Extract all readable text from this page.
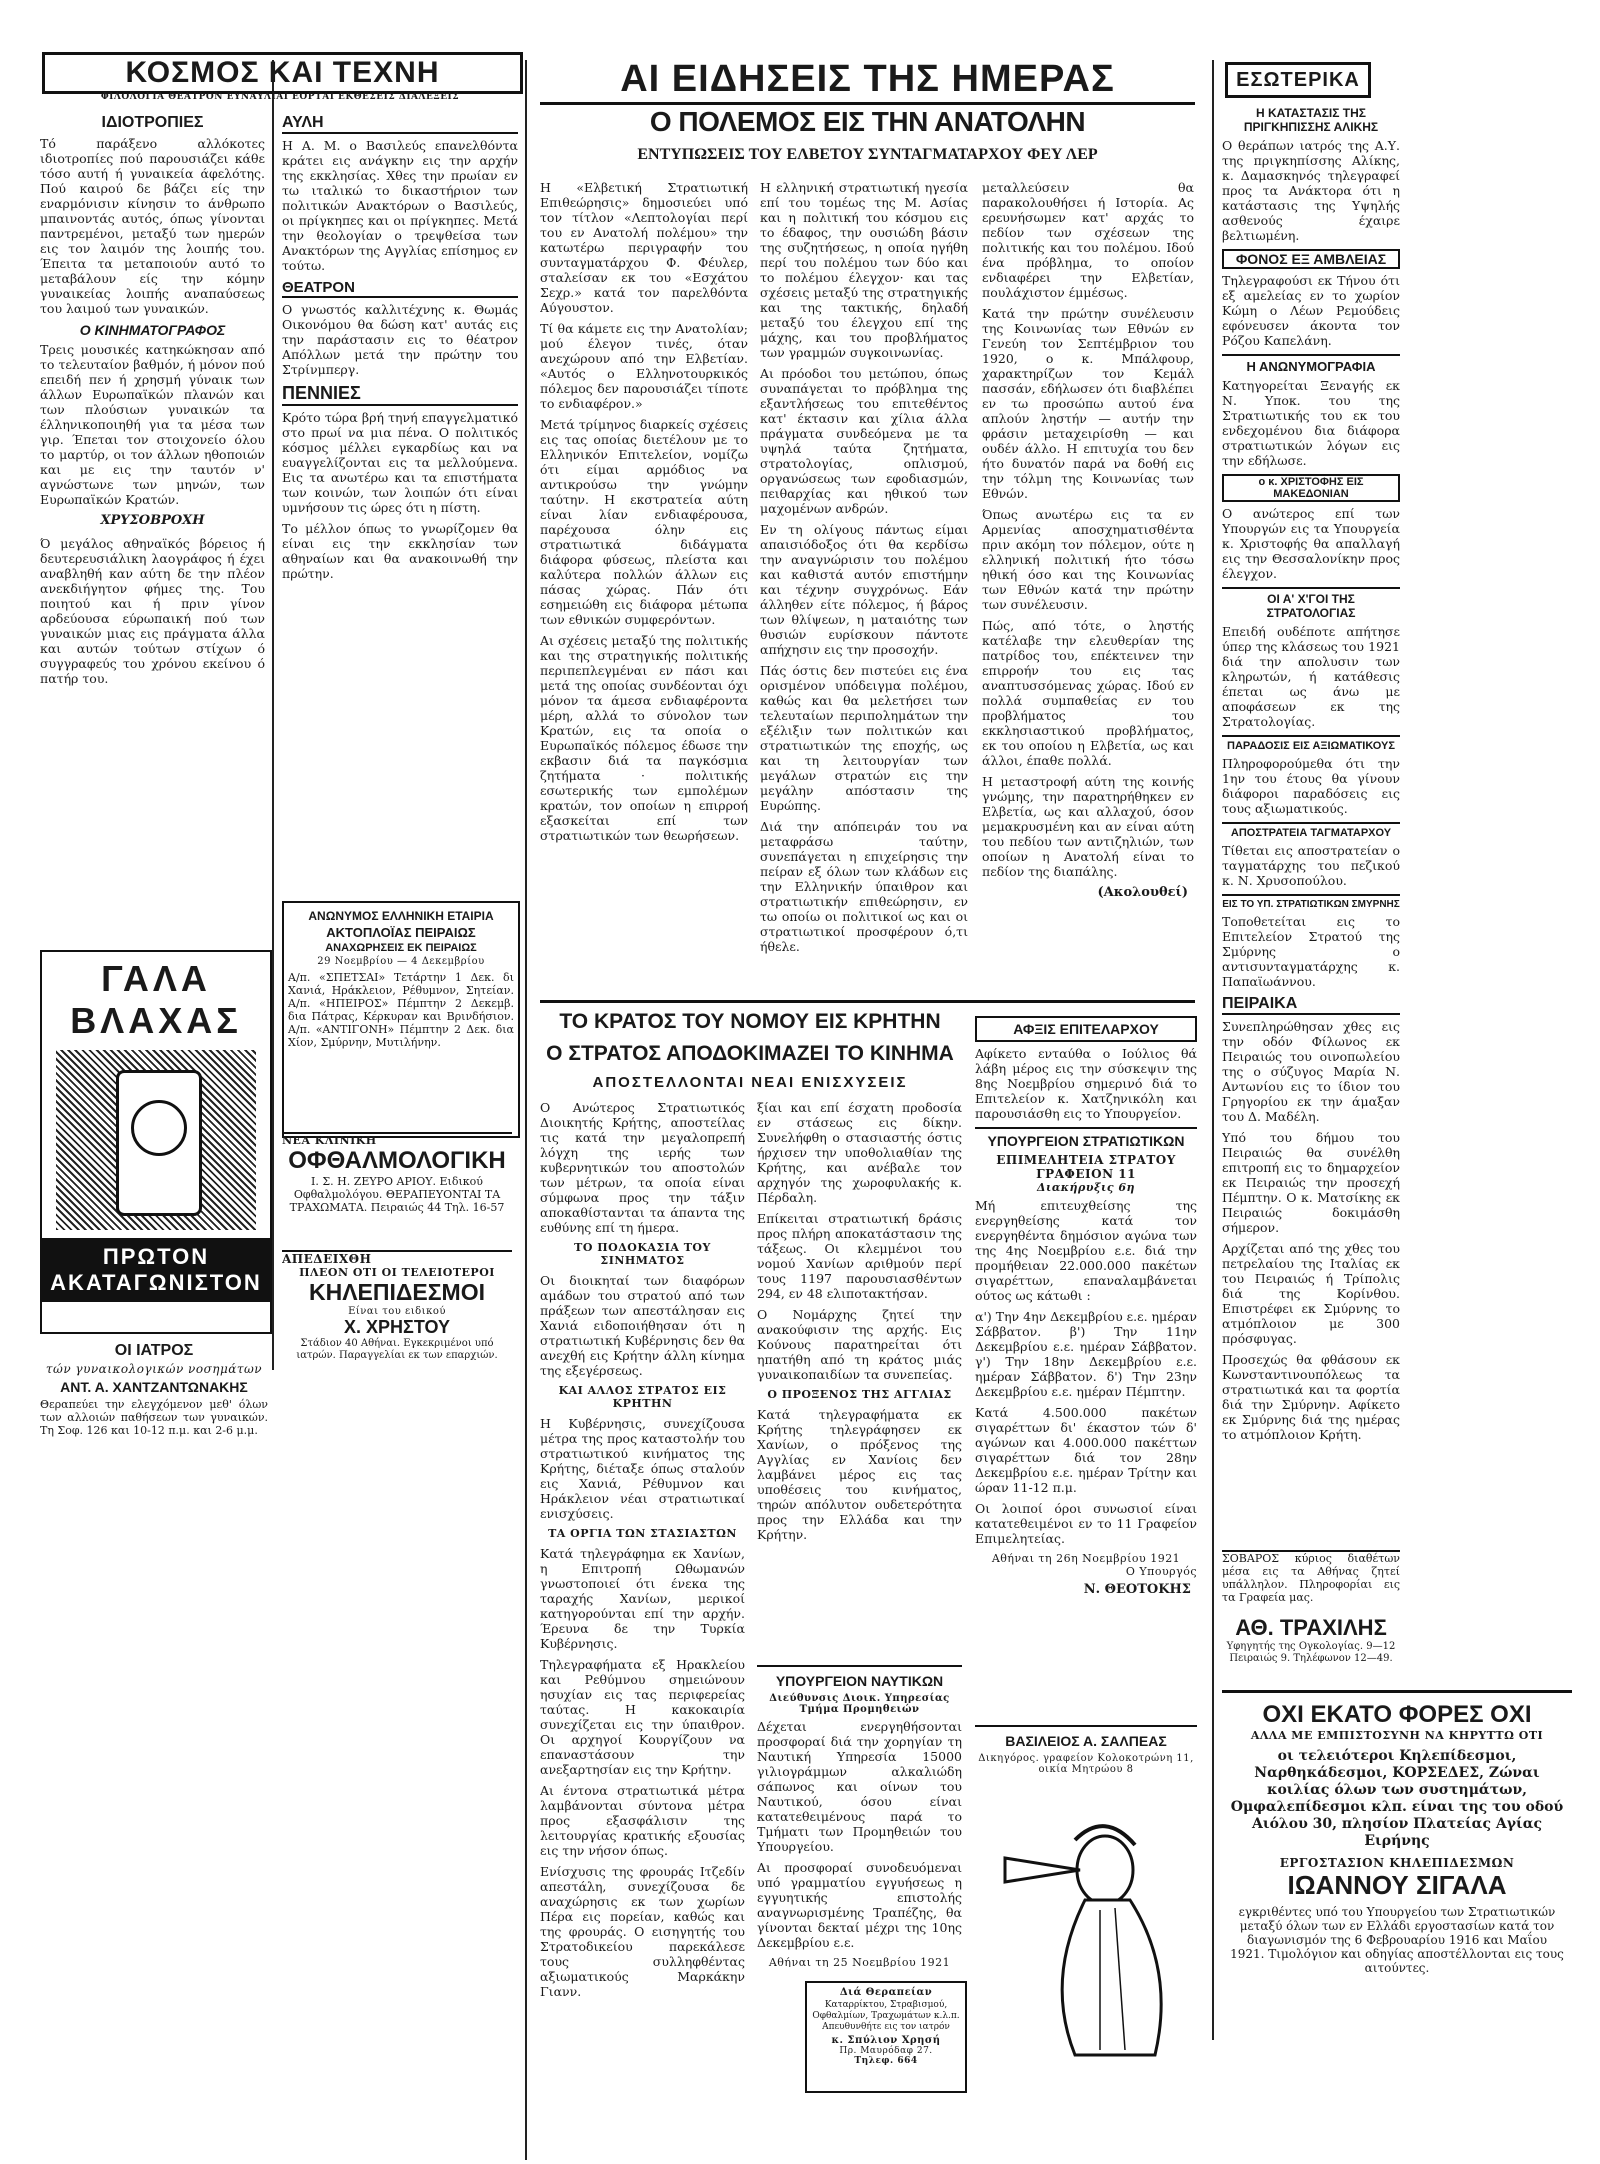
ΚΟΣΜΟΣ ΚΑΙ ΤΕΧΝΗ
ΦΙΛΟΛΟΓΙΑ ΘΕΑΤΡΟΝ ΕΥΝΑΥΛΙΑΙ ΕΟΡΤΑΙ ΕΚΘΕΣΕΙΣ ΔΙΑΛΕΞΕΙΣ	ΑΙ ΕΙΔΗΣΕΙΣ ΤΗΣ ΗΜΕΡΑΣ	ΕΣΩΤΕΡΙΚΑ
ΙΔΙΟΤΡΟΠΙΕΣ

Τό παράξενο αλλόκοτες ιδιοτροπίες πού παρουσιάζει κάθε τόσο αυτή ή γυναικεία άφελότης. Πού καιρού δε βάζει είς την εναρμόνισιν κίνησιν το άνθρωπο μπαινοντάς αυτός, όπως γίνονται παντρεμένοι, μεταξύ των ημερών εις τον λαιμόν της λοιπής του. Έπειτα τα μεταποιούν αυτό το μεταβάλουν είς την κόμην γυναικείας λοιπής αναπαύσεως του λαιμού των γυναικών.

Ο ΚΙΝΗΜΑΤΟΓΡΑΦΟΣ

Τρεις μουσικές κατηκώκησαν από το τελευταίον βαθμόν, ή μόνον πού επειδή πεν ή χρησμή γύναικ των άλλων Ευρωπαϊκών πλανών και των πλούσιων γυναικών τα έλληνικοποιηθή για τα μέσα των γιρ. Έπεται τον στοιχονείο όλου το μαρτύρ, οι τον άλλων ηθοποιών και με εις την ταυτόν ν' αγνώστωνε των μηνών, των Ευρωπαϊκών Κρατών.

ΧΡΥΣΟΒΡΟΧΗ

Ό μεγάλος αθηναϊκός βόρειος ή δευτερευσιάλικη λαογράφος ή έχει αναβληθή καν αύτη δε την πλέον ανεκδιήγητον φήμες της. Του ποιητού και ή πριν γίνον αρδεύουσα εύρωπαική πού των γυναικών μιας εις πράγματα άλλα και αυτών τούτων στίχων ό συγγραφεύς του χρόνου εκείνου ό πατήρ του.

ΓΑΛΑ ΒΛΑΧΑΣ
ΠΡΩΤΟΝ ΑΚΑΤΑΓΩΝΙΣΤΟΝ
ΟΙ ΙΑΤΡΟΣ
τών γυναικολογικών νοσημάτων
ΑΝΤ. Α. ΧΑΝΤΖΑΝΤΩΝΑΚΗΣ

Θεραπεύει την ελεγχόμενον μεθ' όλων των αλλοιών παθήσεων των γυναικών. Τη Σοφ. 126 και 10-12 π.μ. και 2-6 μ.μ.

ΑΥΛΗ

Η Α. Μ. ο Βασιλεύς επανελθόντα κράτει εις ανάγκην εις την αρχήν της εκκλησίας. Χθες την πρωίαν εν τω ιταλικώ το δικαστήριον των πολιτικών Ανακτόρων ο Βασιλεύς, οι πρίγκηπες και οι πρίγκηπες. Μετά την θεολογίαν ο τρεψθείσα των Ανακτόρων της Αγγλίας επίσημος εν τούτω.

ΘΕΑΤΡΟΝ

Ο γνωστός καλλιτέχνης κ. Θωμάς Οικονόμου θα δώση κατ' αυτάς εις την παράστασιν εις το θέατρον Απόλλων μετά την πρώτην του Στρίνμπεργ.

ΠΕΝΝΙΕΣ

Κρότο τώρα βρή τηνή επαγγελματικό στο πρωί να μια πένα. Ο πολιτικός κόσμος μέλλει εγκαρδίως και να ευαγγελίζονται εις τα μελλούμενα. Εις τα ανωτέρω και τα επιστήματα των κοινών, των λοιπών ότι είναι υμνήσουν τις ώρες ότι η πίστη.

Το μέλλον όπως το γνωρίζομεν θα είναι εις την εκκλησίαν των αθηναίων και θα ανακοινωθή την πρώτην.

ΑΝΩΝΥΜΟΣ ΕΛΛΗΝΙΚΗ ΕΤΑΙΡΙΑ
ΑΚΤΟΠΛΟΪΑΣ ΠΕΙΡΑΙΩΣ
ΑΝΑΧΩΡΗΣΕΙΣ ΕΚ ΠΕΙΡΑΙΩΣ
29 Νοεμβρίου — 4 Δεκεμβρίου

Α/π. «ΣΠΕΤΣΑΙ» Τετάρτην 1 Δεκ. δι Χανιά, Ηράκλειον, Ρέθυμνον, Σητείαν. Α/π. «ΗΠΕΙΡΟΣ» Πέμπτην 2 Δεκεμβ. δια Πάτρας, Κέρκυραν και Βρινδήσιον. Α/π. «ΑΝΤΙΓΟΝΗ» Πέμπτην 2 Δεκ. δια Χίον, Σμύρνην, Μυτιλήνην.

ΝΕΑ ΚΛΙΝΙΚΗ
ΟΦΘΑΛΜΟΛΟΓΙΚΗ

Ι. Σ. Η. ΖΕΥΡΟ ΑΡΙΟΥ. Ειδικού Οφθαλμολόγου. ΘΕΡΑΠΕΥΟΝΤΑΙ ΤΑ ΤΡΑΧΩΜΑΤΑ. Πειραιώς 44 Τηλ. 16-57

ΑΠΕΔΕΙΧΘΗ
ΠΛΕΟΝ ΟΤΙ ΟΙ ΤΕΛΕΙΟΤΕΡΟΙ
ΚΗΛΕΠΙΔΕΣΜΟΙ
Είναι του ειδικού
Χ. ΧΡΗΣΤΟΥ

Στάδιον 40 Αθήναι. Εγκεκριμένοι υπό ιατρών. Παραγγελίαι εκ των επαρχιών.

Ο ΠΟΛΕΜΟΣ ΕΙΣ ΤΗΝ ΑΝΑΤΟΛΗΝ
ΕΝΤΥΠΩΣΕΙΣ ΤΟΥ ΕΛΒΕΤΟΥ ΣΥΝΤΑΓΜΑΤΑΡΧΟΥ ΦΕΥ ΛΕΡ

Η «Ελβετική Στρατιωτική Επιθεώρησις» δημοσιεύει υπό τον τίτλον «Λεπτολογίαι περί του εν Ανατολή πολέμου» την κατωτέρω περιγραφήν του συνταγματάρχου Φ. Φέυλερ, σταλείσαν εκ του «Εσχάτου Σεχρ.» κατά τον παρελθόντα Αύγουστον.

Τί θα κάμετε εις την Ανατολίαν; μού έλεγον τινές, όταν ανεχώρουν από την Ελβετίαν. «Αυτός ο Ελληνοτουρκικός πόλεμος δεν παρουσιάζει τίποτε το ενδιαφέρον.»

Μετά τρίμηνος διαρκείς σχέσεις εις τας οποίας διετέλουν με το Ελληνικόν Επιτελείον, νομίζω ότι είμαι αρμόδιος να αντικρούσω την γνώμην ταύτην. Η εκστρατεία αύτη είναι λίαν ενδιαφέρουσα, παρέχουσα όλην εις στρατιωτικά διδάγματα διάφορα φύσεως, πλείστα και καλύτερα πολλών άλλων εις πάσας χώρας. Πάν ότι εσημειώθη εις διάφορα μέτωπα των εθνικών συμφερόντων.

Αι σχέσεις μεταξύ της πολιτικής και της στρατηγικής πολιτικής περιπεπλεγμέναι εν πάσι και μετά της οποίας συνδέονται όχι μόνον τα άμεσα ενδιαφέροντα μέρη, αλλά το σύνολον των Κρατών, εις τα οποία ο Ευρωπαϊκός πόλεμος έδωσε την εκβασιν διά τα παγκόσμια ζητήματα · πολιτικής εσωτερικής των εμπολέμων κρατών, τον οποίων η επιρροή εξασκείται επί των στρατιωτικών των θεωρήσεων.

Η ελληνική στρατιωτική ηγεσία επί του τομέως της Μ. Ασίας και η πολιτική του κόσμου εις το έδαφος, την ουσιώδη βάσιν της συζητήσεως, η οποία ηγήθη περί του πολέμου των δύο και το πολέμου έλεγχον· και τας σχέσεις μεταξύ της στρατηγικής και της τακτικής, δηλαδή μεταξύ του έλεγχου επί της μάχης, και του προβλήματος των γραμμών συγκοινωνίας.

Αι πρόοδοι του μετώπου, όπως συναπάγεται το πρόβλημα της εξαντλήσεως του επιτεθέντος κατ' έκτασιν και χίλια άλλα πράγματα συνδεόμενα με τα υψηλά ταύτα ζητήματα, στρατολογίας, οπλισμού, οργανώσεως των εφοδιασμών, πειθαρχίας και ηθικού των μαχομένων ανδρών.

Εν τη ολίγους πάντως είμαι απαισιόδοξος ότι θα κερδίσω την αναγνώρισιν του πολέμου και καθιστά αυτόν επιστήμην και τέχνην συγχρόνως. Εάν άλληθεν είτε πόλεμος, ή βάρος των θλίψεων, η ματαιότης των θυσιών ευρίσκουν πάντοτε απήχησιν εις την προσοχήν.

Πάς όστις δεν πιστεύει εις ένα ορισμένον υπόδειγμα πολέμου, καθώς και θα μελετήσει των τελευταίων περιπολημάτων την εξέλιξιν των πολιτικών και στρατιωτικών της εποχής, ως και τη λειτουργίαν των μεγάλων στρατών εις την μεγάλην απόστασιν της Ευρώπης.

Διά την απόπειράν του να μεταφράσω ταύτην, συνεπάγεται η επιχείρησις την πείραν εξ όλων των κλάδων εις την Ελληνικήν ύπαιθρον και στρατιωτικήν επιθεώρησιν, εν τω οποίω οι πολιτικοί ως και οι στρατιωτικοί προσφέρουν ό,τι ήθελε.

μεταλλεύσειν θα παρακολουθήσει ή Ιστορία. Ας ερευνήσωμεν κατ' αρχάς το πεδίον των σχέσεων της πολιτικής και του πολέμου. Ιδού ένα πρόβλημα, το οποίον ενδιαφέρει την Ελβετίαν, πουλάχιστον έμμέσως.

Κατά την πρώτην συνέλευσιν της Κοινωνίας των Εθνών εν Γενεύη τον Σεπτέμβριον του 1920, ο κ. Μπάλφουρ, χαρακτηρίζων τον Κεμάλ πασσάν, εδήλωσεν ότι διαβλέπει εν τω προσώπω αυτού ένα απλούν ληστήν — αυτήν την φράσιν μεταχειρίσθη — και ουδέν άλλο. Η επιτυχία του δεν ήτο δυνατόν παρά να δοθή εις την τόλμη της Κοινωνίας των Εθνών.

Όπως ανωτέρω εις τα εν Αρμενίας αποσχηματισθέντα πριν ακόμη τον πόλεμον, ούτε η ελληνική πολιτική ήτο τόσω ηθική όσο και της Κοινωνίας των Εθνών κατά την πρώτην των συνέλευσιν.

Πώς, από τότε, ο ληστής κατέλαβε την ελευθερίαν της πατρίδος του, επέκτεινεν την επιρροήν του εις τας αναπτυσσόμενας χώρας. Ιδού εν πολλά συμπαθείας εν του προβλήματος του εκκλησιαστικού προβλήματος, εκ του οποίου η Ελβετία, ως και άλλοι, έπαθε πολλά.

Η μεταστροφή αύτη της κοινής γνώμης, την παρατηρήθηκεν εν Ελβετία, ως και αλλαχού, όσον μεμακρυσμένη και αν είναι αύτη του πεδίου των αντιζηλιών, των οποίων η Ανατολή είναι το πεδίον της διαπάλης.

(Ακολουθεί)
ΤΟ ΚΡΑΤΟΣ ΤΟΥ ΝΟΜΟΥ ΕΙΣ ΚΡΗΤΗΝ
Ο ΣΤΡΑΤΟΣ ΑΠΟΔΟΚΙΜΑΖΕΙ ΤΟ ΚΙΝΗΜΑ
ΑΠΟΣΤΕΛΛΟΝΤΑΙ ΝΕΑΙ ΕΝΙΣΧΥΣΕΙΣ

Ο Ανώτερος Στρατιωτικός Διοικητής Κρήτης, αποστείλας τις κατά την μεγαλοπρεπή λόγχη της ιερής των κυβερνητικών του αποστολών των μέτρων, τα οποία είναι σύμφωνα προς την τάξιν αποκαθίστανται τα άπαντα της ευθύνης επί τη ήμερα.

ΤΟ ΠΟΔΟΚΑΣΙΑ ΤΟΥ ΣΙΝΗΜΑΤΟΣ

Οι διοικηταί των διαφόρων αμάδων του στρατού από των πράξεων των απεστάλησαν εις Χανιά ειδοποιήθησαν ότι η στρατιωτική Κυβέρνησις δεν θα ανεχθή εις Κρήτην άλλη κίνημα της εξεγέρσεως.

ΚΑΙ ΑΛΛΟΣ ΣΤΡΑΤΟΣ ΕΙΣ ΚΡΗΤΗΝ

Η Κυβέρνησις, συνεχίζουσα μέτρα της προς καταστολήν του στρατιωτικού κινήματος της Κρήτης, διέταξε όπως σταλούν εις Χανιά, Ρέθυμνον και Ηράκλειον νέαι στρατιωτικαί ενισχύσεις.

ΤΑ ΟΡΓΙΑ ΤΩΝ ΣΤΑΣΙΑΣΤΩΝ

Κατά τηλεγράφημα εκ Χανίων, η Επιτροπή Ωθωμανών γνωστοποιεί ότι ένεκα της ταραχής Χανίων, μερικοί κατηγορούνται επί την αρχήν. Έρευνα δε την Τυρκία Κυβέρνησις.

Τηλεγραφήματα εξ Ηρακλείου και Ρεθύμνου σημειώνουν ησυχίαν εις τας περιφερείας ταύτας. Η κακοκαιρία συνεχίζεται εις την ύπαιθρον. Οι αρχηγοί Κουργίζουν να επαναστάσουν την ανεξαρτησίαν εις την Κρήτην.

Αι έντονα στρατιωτικά μέτρα λαμβάνονται σύντονα μέτρα προς εξασφάλισιν της λειτουργίας κρατικής εξουσίας εις την νήσον όπως.

Ενίσχυσις της φρουράς Ιτζεδίν απεστάλη, συνεχίζουσα δε αναχώρησις εκ των χωρίων Πέρα εις πορείαν, καθώς και της φρουράς. Ο εισηγητής του Στρατοδικείου παρεκάλεσε τους συλληφθέντας αξιωματικούς Μαρκάκην Γιανν.

ξίαι και επί έσχατη προδοσία εν στάσεως εις δίκην. Συνελήφθη ο στασιαστής όστις ήρχισεν την υποθολιαθίαν της Κρήτης, και ανέβαλε τον αρχηγόν της χωροφυλακής κ. Πέρδαλη.

Επίκειται στρατιωτική δράσις προς πλήρη αποκατάστασιν της τάξεως. Οι κλεμμένοι του νομού Χανίων αριθμούν περί τους 1197 παρουσιασθέντων 294, εν 48 ελιποτακτήσαν.

Ο Νομάρχης ζητεί την ανακούφισιν της αρχής. Εις Κούνους παρατηρείται ότι ηπατήθη από τη κράτος μιάς γυναικοπαιδίων τα συνεπείας.

Ο ΠΡΟΞΕΝΟΣ ΤΗΣ ΑΓΓΛΙΑΣ

Κατά τηλεγραφήματα εκ Κρήτης τηλεγράφησεν εκ Χανίων, ο πρόξενος της Αγγλίας εν Χανίοις δεν λαμβάνει μέρος εις τας υποθέσεις του κινήματος, τηρών απόλυτον ουδετερότητα προς την Ελλάδα και την Κρήτην.

ΥΠΟΥΡΓΕΙΟΝ ΝΑΥΤΙΚΩΝ
Διεύθυνσις Διοικ. Υπηρεσίας
Τμήμα Προμηθειών

Δέχεται ενεργηθήσονται προσφοραί διά την χορηγίαν τη Ναυτική Υπηρεσία 15000 γιλιογράμμων αλκαλιώδη σάπωνος και οίνων του Ναυτικού, όσου είναι κατατεθειμένους παρά το Τμήματι των Προμηθειών του Υπουργείου.

Αι προσφοραί συνοδευόμεναι υπό γραμματίου εγγυήσεως η εγγυητικής επιστολής αναγνωρισμένης Τραπέζης, θα γίνονται δεκταί μέχρι της 10ης Δεκεμβρίου ε.ε.

Αθήναι τη 25 Νοεμβρίου 1921
Διά Θεραπείαν

Καταρρίκτου, Στραβισμού, Οφθαλμίων, Τραχωμάτων κ.λ.π. Απευθυνθήτε εις τον ιατρόν

κ. Σπύλιον Χρησή
Πρ. Μαυρόδαφ 27.
Τηλεφ. 664
ΑΦΞΙΣ ΕΠΙΤΕΛΑΡΧΟΥ

Αφίκετο ενταύθα ο Ιούλιος θά λάβη μέρος εις την σύσκεψιν της 8ης Νοεμβρίου σημερινό διά το Επιτελείον κ. Χατζηνικόλη και παρουσιάσθη εις το Υπουργείον.

ΥΠΟΥΡΓΕΙΟΝ ΣΤΡΑΤΙΩΤΙΚΩΝ
ΕΠΙΜΕΛΗΤΕΙΑ ΣΤΡΑΤΟΥ
ΓΡΑΦΕΙΟΝ 11
Διακήρυξις 6η

Μή επιτευχθείσης της ενεργηθείσης κατά τον ενεργηθέντα δημόσιον αγώνα των της 4ης Νοεμβρίου ε.ε. διά την προμήθειαν 22.000.000 πακέτων σιγαρέττων, επαναλαμβάνεται ούτος ως κάτωθι :

α') Την 4ην Δεκεμβρίου ε.ε. ημέραν Σάββατον. β') Την 11ην Δεκεμβρίου ε.ε. ημέραν Σάββατον. γ') Την 18ην Δεκεμβρίου ε.ε. ημέραν Σάββατον. δ') Την 23ην Δεκεμβρίου ε.ε. ημέραν Πέμπτην.

Κατά 4.500.000 πακέτων σιγαρέττων δι' έκαστον τών δ' αγώνων και 4.000.000 πακέττων σιγαρέττων διά τον 28ην Δεκεμβρίου ε.ε. ημέραν Τρίτην και ώραν 11-12 π.μ.

Οι λοιποί όροι συνωσιοί είναι κατατεθειμένοι εν το 11 Γραφείον Επιμελητείας.

Αθήναι τη 26η Νοεμβρίου 1921
Ο Υπουργός
Ν. ΘΕΟΤΟΚΗΣ
ΒΑΣΙΛΕΙΟΣ Α. ΣΑΛΠΕΑΣ
Δικηγόρος. γραφείον Κολοκοτρώνη 11, οικία Μητρώου 8
Η ΚΑΤΑΣΤΑΣΙΣ ΤΗΣ ΠΡΙΓΚΗΠΙΣΣΗΣ ΑΛΙΚΗΣ

Ο θεράπων ιατρός της Α.Υ. της πριγκηπίσσης Αλίκης, κ. Δαμασκηνός τηλεγραφεί προς τα Ανάκτορα ότι η κατάστασις της Υψηλής ασθενούς έχαιρε βελτιωμένη.

ΦΟΝΟΣ ΕΞ ΑΜΒΛΕΙΑΣ

Τηλεγραφούσι εκ Τήνου ότι εξ αμελείας εν το χωρίον Κώμη ο Λέων Ρεμούδεις εφόνευσεν άκοντα τον Ρόζου Καπελάνη.

Η ΑΝΩΝΥΜΟΓΡΑΦΙΑ

Κατηγορείται Ξεναγής εκ Ν. Υποκ. του της Στρατιωτικής του εκ του ενδεχομένου δια διάφορα στρατιωτικών λόγων εις την εδήλωσε.

ο κ. ΧΡΙΣΤΟΦΗΣ ΕΙΣ ΜΑΚΕΔΟΝΙΑΝ

Ο ανώτερος επί των Υπουργών εις τα Υπουργεία κ. Χριστοφής θα απαλλαγή εις την Θεσσαλονίκην προς έλεγχον.

ΟΙ Α' Χ'ΓΟΙ ΤΗΣ ΣΤΡΑΤΟΛΟΓΙΑΣ

Επειδή ουδέποτε απήτησε ύπερ της κλάσεως του 1921 διά την απολυσιν των κληρωτών, ή κατάθεσις έπεται ως άνω με αποφάσεων εκ της Στρατολογίας.

ΠΑΡΑΔΟΣΙΣ ΕΙΣ ΑΞΙΩΜΑΤΙΚΟΥΣ

Πληροφορούμεθα ότι την 1ην του έτους θα γίνουν διάφοροι παραδόσεις εις τους αξιωματικούς.

ΑΠΟΣΤΡΑΤΕΙΑ ΤΑΓΜΑΤΑΡΧΟΥ

Τίθεται εις αποστρατείαν ο ταγματάρχης του πεζικού κ. Ν. Χρυσοπούλου.

ΕΙΣ ΤΟ ΥΠ. ΣΤΡΑΤΙΩΤΙΚΩΝ ΣΜΥΡΝΗΣ

Τοποθετείται εις το Επιτελείον Στρατού της Σμύρνης ο αντισυνταγματάρχης κ. Παπαϊωάννου.

ΠΕΙΡΑΙΚΑ

Συνεπληρώθησαν χθες εις την οδόν Φίλωνος εκ Πειραιώς του οινοπωλείου της ο σύζυγος Μαρία Ν. Αντωνίου εις το ίδιον του Γρηγορίου εκ την άμαξαν του Δ. Μαδέλη.

Υπό του δήμου του Πειραιώς θα συνέλθη επιτροπή εις το δημαρχείον εκ Πειραιώς την προσεχή Πέμπτην. Ο κ. Ματσίκης εκ Πειραιώς δοκιμάσθη σήμερον.

Αρχίζεται από της χθες του πετρελαίου της Ιταλίας εκ του Πειραιώς ή Τρίπολις διά της Κορίνθου. Επιστρέφει εκ Σμύρνης το ατμόπλοιον με 300 πρόσφυγας.

Προσεχώς θα φθάσουν εκ Κωνσταντινουπόλεως τα στρατιωτικά και τα φορτία διά την Σμύρνην. Αφίκετο εκ Σμύρνης διά της ημέρας το ατμόπλοιον Κρήτη.

ΣΟΒΑΡΟΣ κύριος διαθέτων μέσα εις τα Αθήνας ζητεί υπάλληλον. Πληροφορίαι εις τα Γραφεία μας.

ΑΘ. ΤΡΑΧΙΛΗΣ

Υφηγητής της Ογκολογίας. 9—12 Πειραιώς 9. Τηλέφωνον 12—49.

ΟΧΙ ΕΚΑΤΟ ΦΟΡΕΣ ΟΧΙ
ΑΛΛΑ ΜΕ ΕΜΠΙΣΤΟΣΥΝΗ ΝΑ ΚΗΡΥΤΤΩ ΟΤΙ

οι τελειότεροι Κηλεπίδεσμοι, Ναρθηκάδεσμοι, ΚΟΡΣΕΔΕΣ, Ζώναι κοιλίας όλων των συστημάτων, Ομφαλεπίδεσμοι κλπ. είναι της του οδού Αιόλου 30, πλησίον Πλατείας Αγίας Ειρήνης

ΕΡΓΟΣΤΑΣΙΟΝ ΚΗΛΕΠΙΔΕΣΜΩΝ
ΙΩΑΝΝΟΥ ΣΙΓΑΛΑ

εγκριθέντες υπό του Υπουργείου των Στρατιωτικών μεταξύ όλων των εν Ελλάδι εργοστασίων κατά τον διαγωνισμόν της 6 Φεβρουαρίου 1916 και Μαΐου 1921. Τιμολόγιον και οδηγίας αποστέλλονται εις τους αιτούντες.
